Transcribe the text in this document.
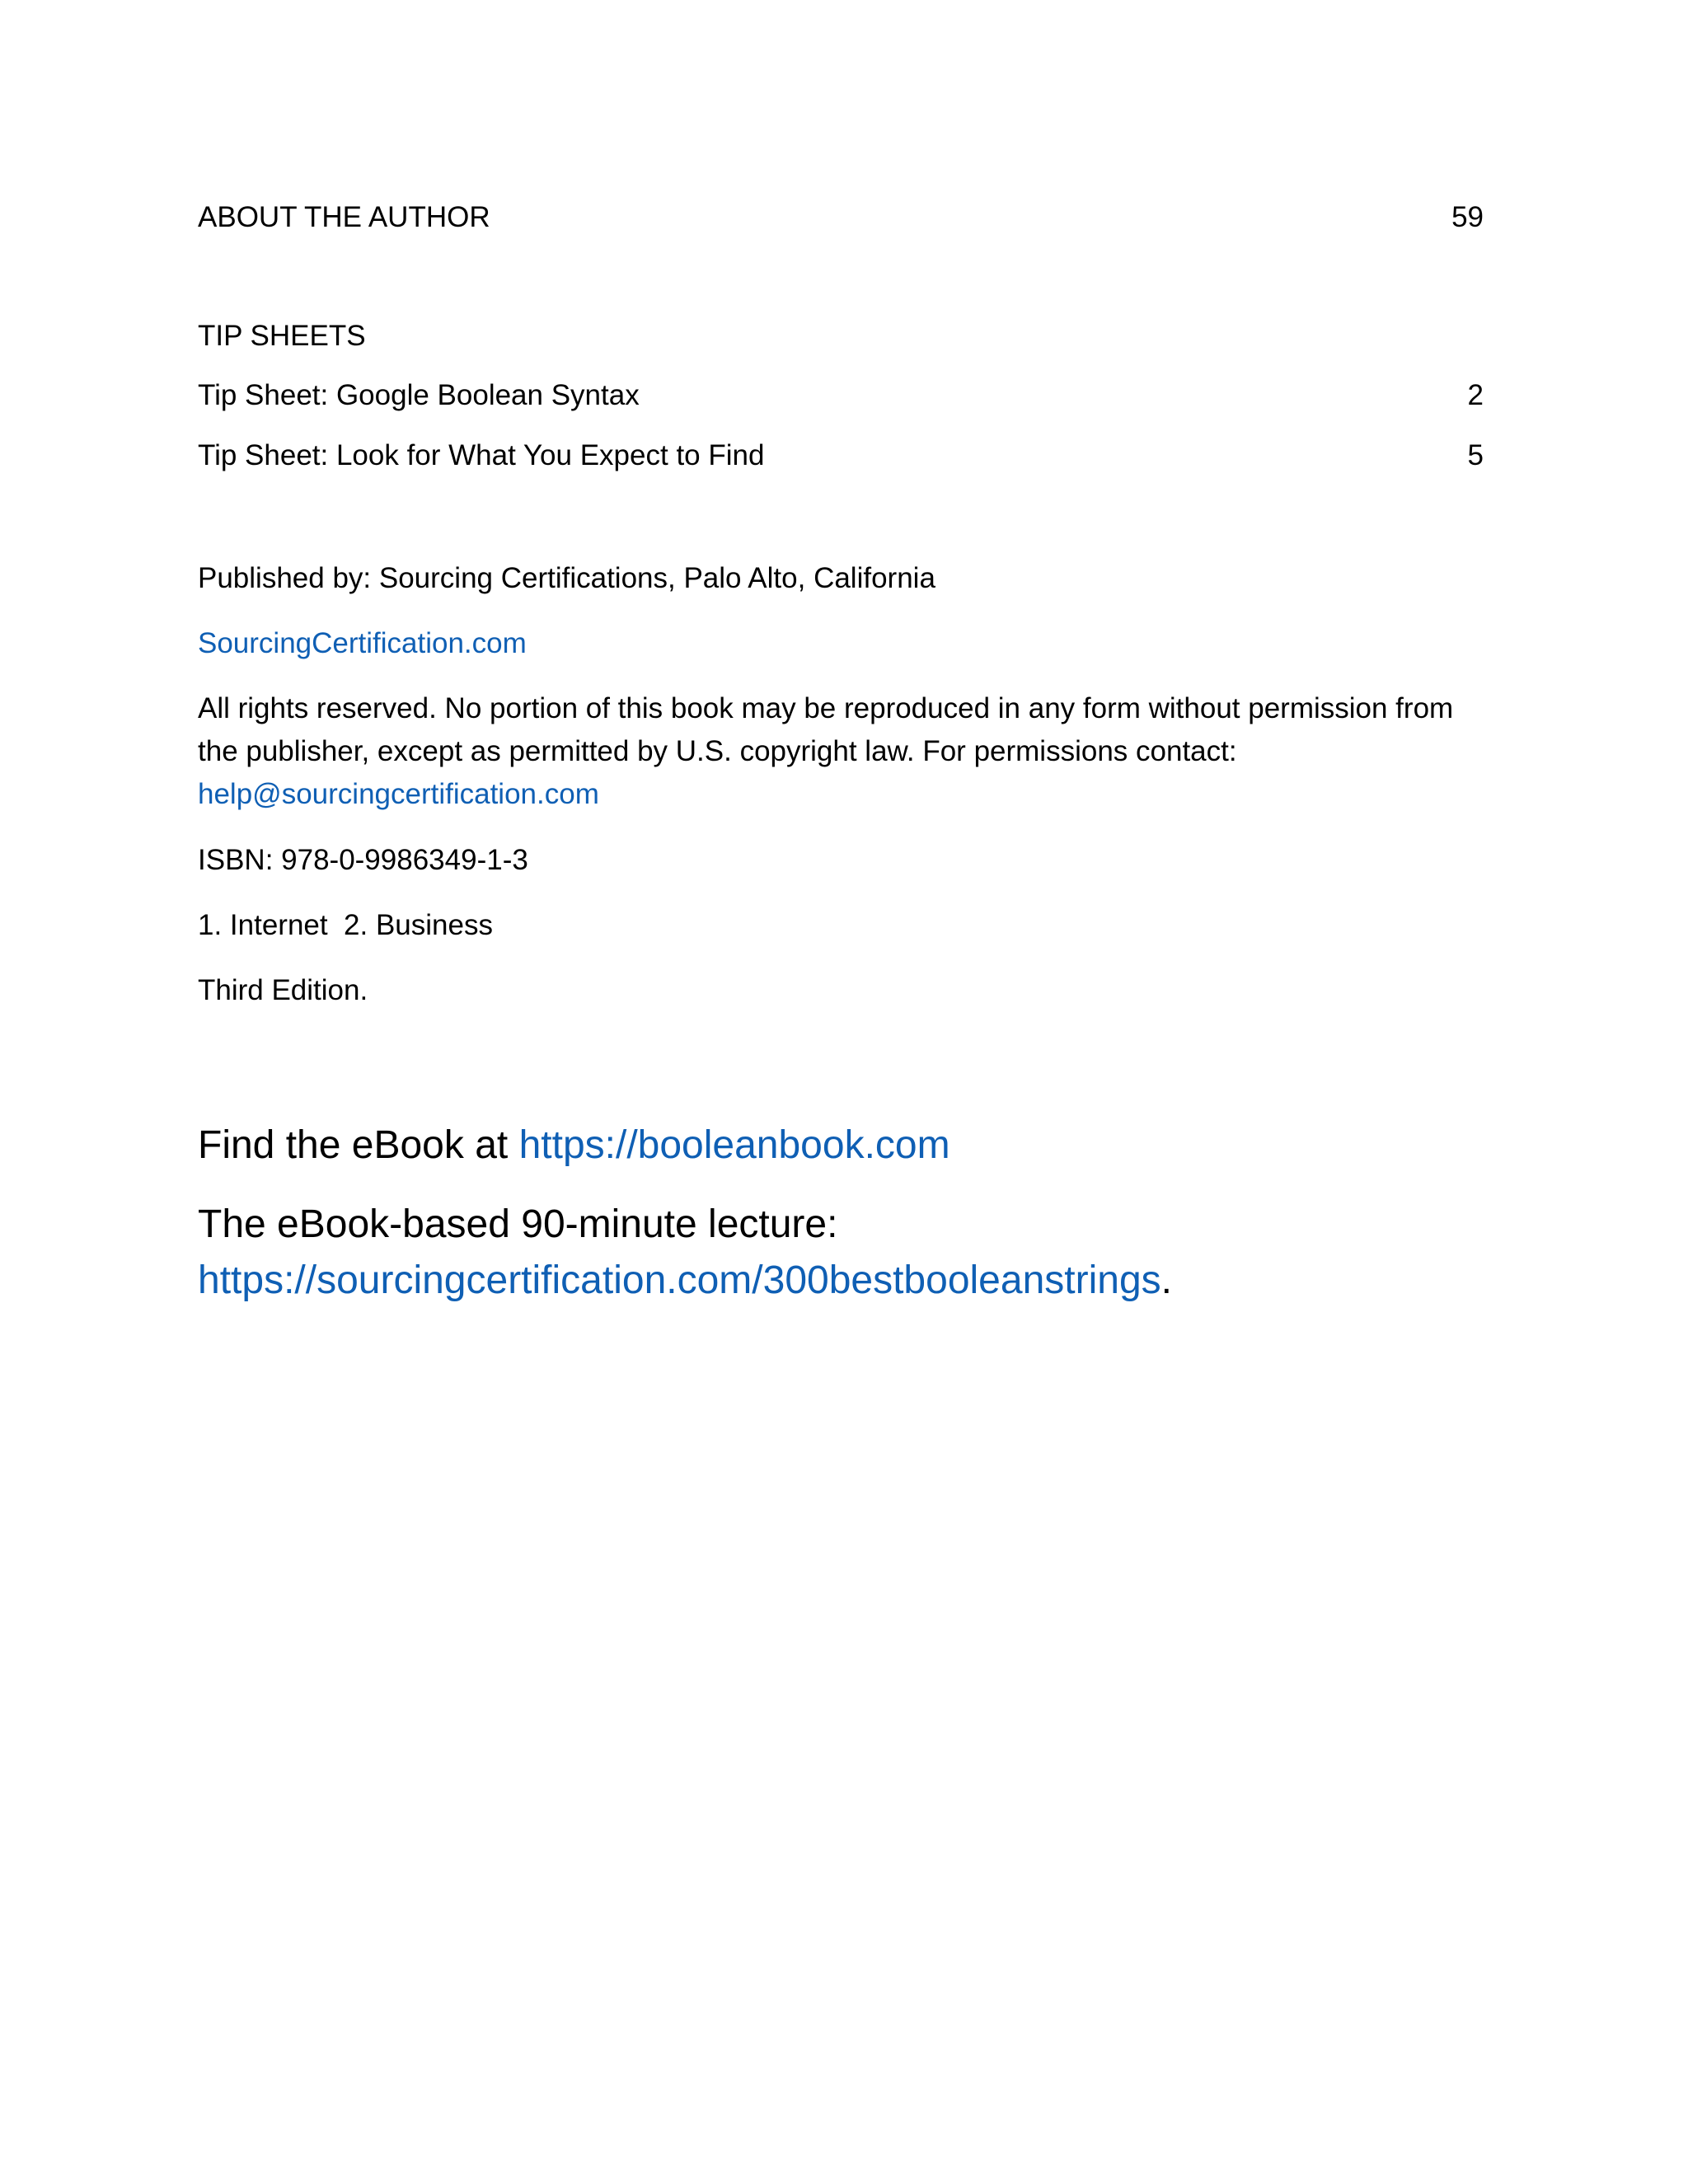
ABOUT THE AUTHOR	59
TIP SHEETS
Tip Sheet: Google Boolean Syntax	2
Tip Sheet: Look for What You Expect to Find	5
Published by: Sourcing Certifications, Palo Alto, California
SourcingCertification.com
All rights reserved. No portion of this book may be reproduced in any form without permission from the publisher, except as permitted by U.S. copyright law. For permissions contact:
help@sourcingcertification.com
ISBN: 978-0-9986349-1-3
1. Internet  2. Business
Third Edition.
Find the eBook at https://booleanbook.com
The eBook-based 90-minute lecture:
https://sourcingcertification.com/300bestbooleanstrings.
